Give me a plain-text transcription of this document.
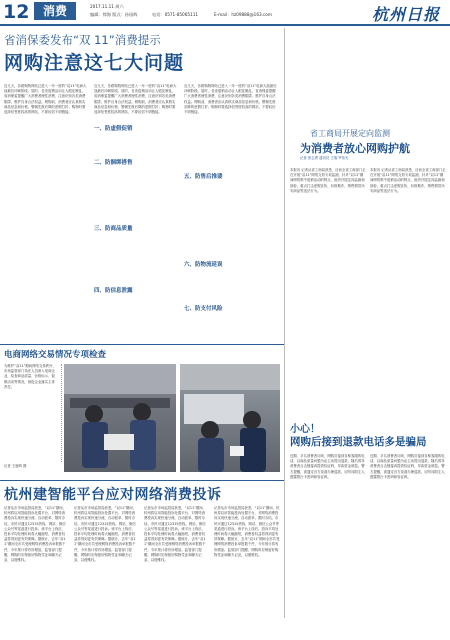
12	消费	2017.11.11 周六
编辑：徐海 版式：孙国辉	电话：0571-85065111	E-mail：hz09888@163.com	杭州日报
省消保委发布“双 11”消费提示
网购注意这七大问题
近几天，各路购物网站已进入一年一度的“双11”电商大战最后冲刺阶段。届时，各类促销活动让人眼花缭乱，省消保委提醒广大消费者理性消费，注意识别各类消费陷阱，维护自身合法权益。网购前，消费者应认真核实商品信息和价格，警惕先涨后降的虚假打折；购物时要选择信誉度较高的网站，不要轻信不明链接。
近几天，各路购物网站已进入一年一度的“双11”电商大战最后冲刺阶段。届时，各类促销活动让人眼花缭乱，省消保委提醒广大消费者理性消费，注意识别各类消费陷阱，维护自身合法权益。网购前，消费者应认真核实商品信息和价格，警惕先涨后降的虚假打折；购物时要选择信誉度较高的网站，不要轻信不明链接。
近几天，各路购物网站已进入一年一度的“双11”电商大战最后冲刺阶段。届时，各类促销活动让人眼花缭乱，省消保委提醒广大消费者理性消费，注意识别各类消费陷阱，维护自身合法权益。网购前，消费者应认真核实商品信息和价格，警惕先涨后降的虚假打折；购物时要选择信誉度较高的网站，不要轻信不明链接。
一、防虚假促销
二、防捆绑搭售
三、防商品质量
四、防信息泄露
五、防售后推诿
六、防物流延误
七、防支付风险
省工商局开展定向监测
为消费者放心网购护航
记者 张志勇 通讯员 王瑞 罗伟光
本报讯 记者从省工商局获悉，目前全省工商部门正在开展“双11”网络交易专项监测，针对“双11”期间网络集中促销活动的特点，组织开展定向监测和抽检，重点打击虚假宣传、价格欺诈、销售假冒伪劣商品等违法行为。
本报讯 记者从省工商局获悉，目前全省工商部门正在开展“双11”网络交易专项监测，针对“双11”期间网络集中促销活动的特点，组织开展定向监测和抽检，重点打击虚假宣传、价格欺诈、销售假冒伪劣商品等违法行为。
小心！
网购后接到退款电话多是骗局
近期，多名消费者反映，网购后接到自称客服的电话，以商品质量问题为由主动提出退款，随后诱导消费者点击链接或提供验证码，导致资金被盗。警方提醒，请通过官方渠道办理退款，切勿向陌生人透露银行卡密码和验证码。
近期，多名消费者反映，网购后接到自称客服的电话，以商品质量问题为由主动提出退款，随后诱导消费者点击链接或提供验证码，导致资金被盗。警方提醒，请通过官方渠道办理退款，切勿向陌生人透露银行卡密码和验证码。
电商网络交易情况专项检查
为维护“双11”期间网络交易秩序，市场监管部门执法人员深入电商企业，检查商品质量、价格标示、促销活动等情况，督促企业落实主体责任。
记者 王鹿鸣 摄
杭州建智能平台应对网络消费投诉
记者从市市场监管局获悉，“双11”期间，杭州将启用智能投诉处置平台，对网络消费投诉实现快速分流、自动派单、限时办结。市民可通过12315热线、网站、微信公众号等渠道进行投诉。该平台上线后，投诉平均处理时间将大幅缩短，消费者权益将得到更有效保障。据统计，去年“双11”期间全市共受理网络消费投诉举报数千件，今年预计将有所增加。监管部门提醒，网购时应保留好购物凭证和聊天记录，以便维权。
记者从市市场监管局获悉，“双11”期间，杭州将启用智能投诉处置平台，对网络消费投诉实现快速分流、自动派单、限时办结。市民可通过12315热线、网站、微信公众号等渠道进行投诉。该平台上线后，投诉平均处理时间将大幅缩短，消费者权益将得到更有效保障。据统计，去年“双11”期间全市共受理网络消费投诉举报数千件，今年预计将有所增加。监管部门提醒，网购时应保留好购物凭证和聊天记录，以便维权。
记者从市市场监管局获悉，“双11”期间，杭州将启用智能投诉处置平台，对网络消费投诉实现快速分流、自动派单、限时办结。市民可通过12315热线、网站、微信公众号等渠道进行投诉。该平台上线后，投诉平均处理时间将大幅缩短，消费者权益将得到更有效保障。据统计，去年“双11”期间全市共受理网络消费投诉举报数千件，今年预计将有所增加。监管部门提醒，网购时应保留好购物凭证和聊天记录，以便维权。
记者从市市场监管局获悉，“双11”期间，杭州将启用智能投诉处置平台，对网络消费投诉实现快速分流、自动派单、限时办结。市民可通过12315热线、网站、微信公众号等渠道进行投诉。该平台上线后，投诉平均处理时间将大幅缩短，消费者权益将得到更有效保障。据统计，去年“双11”期间全市共受理网络消费投诉举报数千件，今年预计将有所增加。监管部门提醒，网购时应保留好购物凭证和聊天记录，以便维权。
